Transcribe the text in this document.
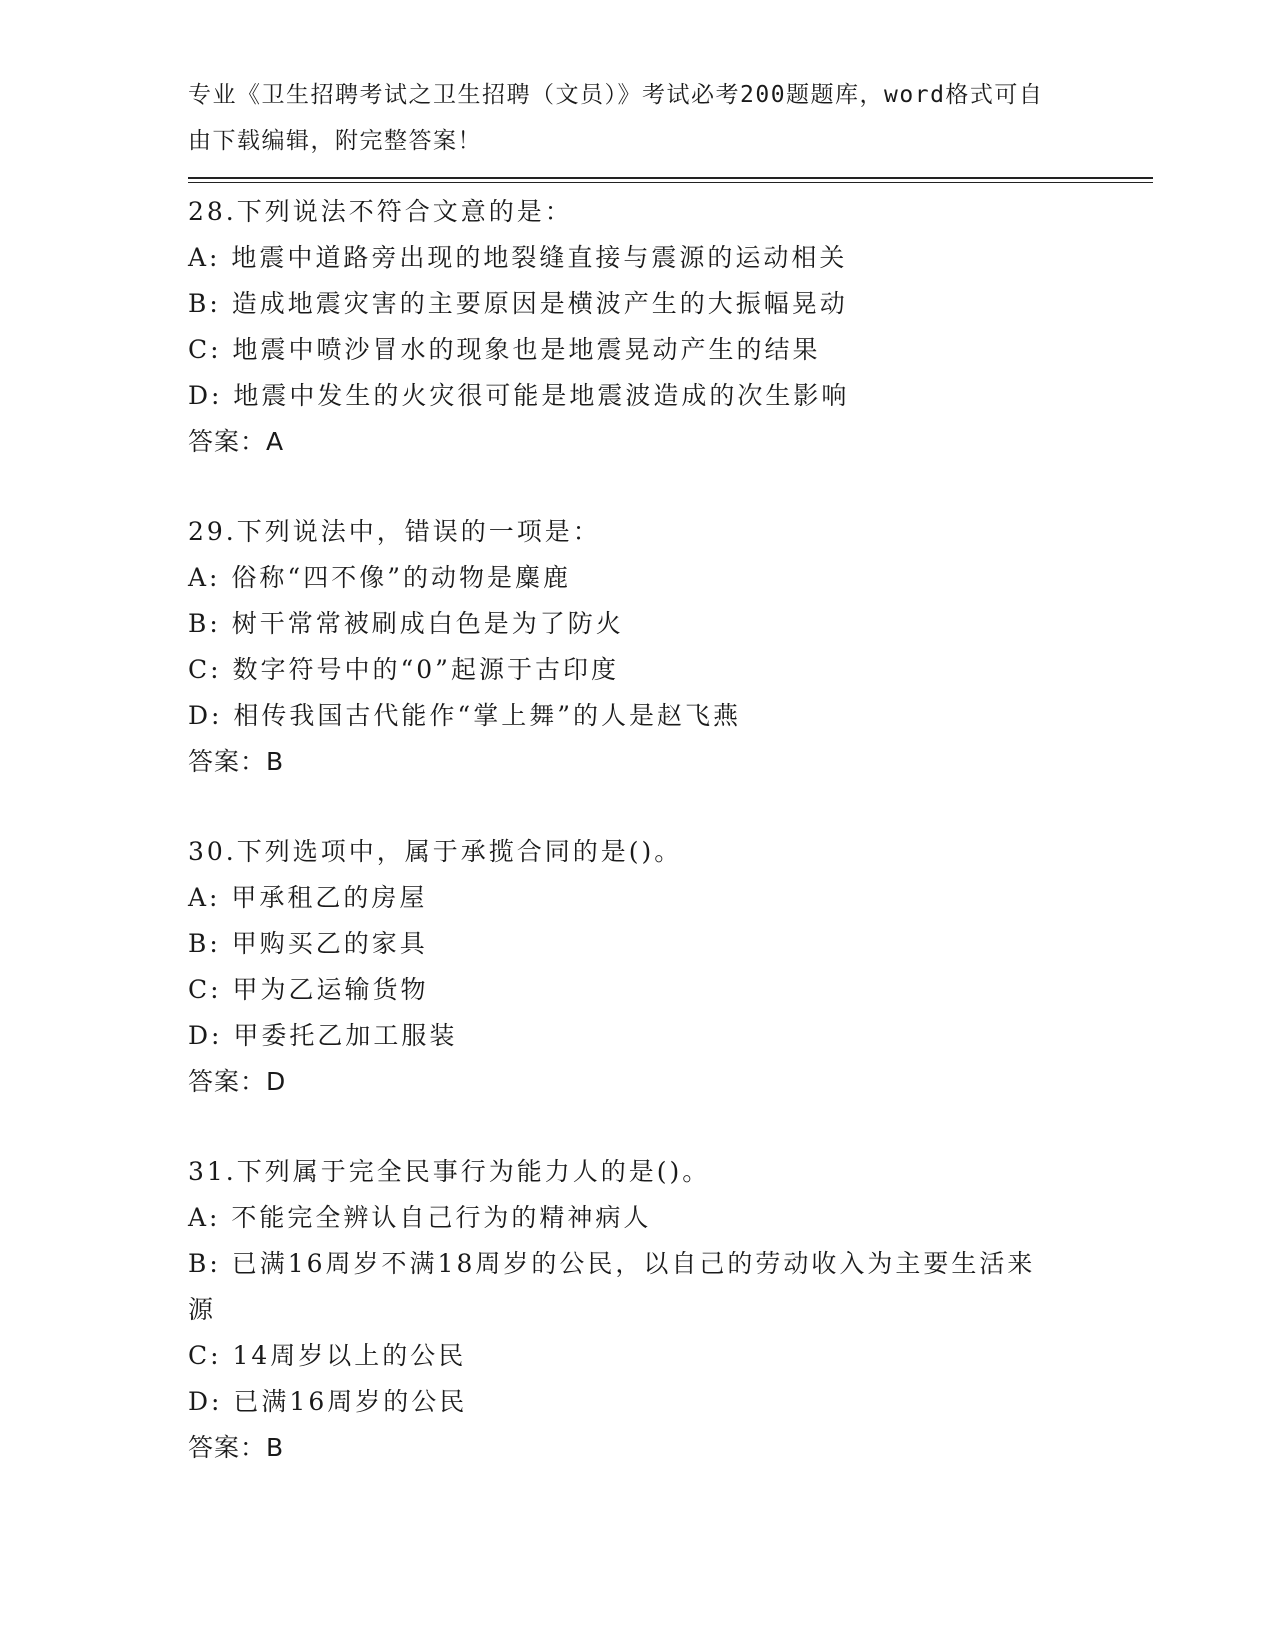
专业《卫生招聘考试之卫生招聘（文员）》考试必考200题题库，word格式可自
由下载编辑，附完整答案！
28.下列说法不符合文意的是：
A: 地震中道路旁出现的地裂缝直接与震源的运动相关
B: 造成地震灾害的主要原因是横波产生的大振幅晃动
C: 地震中喷沙冒水的现象也是地震晃动产生的结果
D: 地震中发生的火灾很可能是地震波造成的次生影响
答案：A
29.下列说法中，错误的一项是：
A: 俗称“四不像”的动物是麋鹿
B: 树干常常被刷成白色是为了防火
C: 数字符号中的“0”起源于古印度
D: 相传我国古代能作“掌上舞”的人是赵飞燕
答案：B
30.下列选项中，属于承揽合同的是()。
A: 甲承租乙的房屋
B: 甲购买乙的家具
C: 甲为乙运输货物
D: 甲委托乙加工服装
答案：D
31.下列属于完全民事行为能力人的是()。
A: 不能完全辨认自己行为的精神病人
B: 已满16周岁不满18周岁的公民，以自己的劳动收入为主要生活来
源
C: 14周岁以上的公民
D: 已满16周岁的公民
答案：B
